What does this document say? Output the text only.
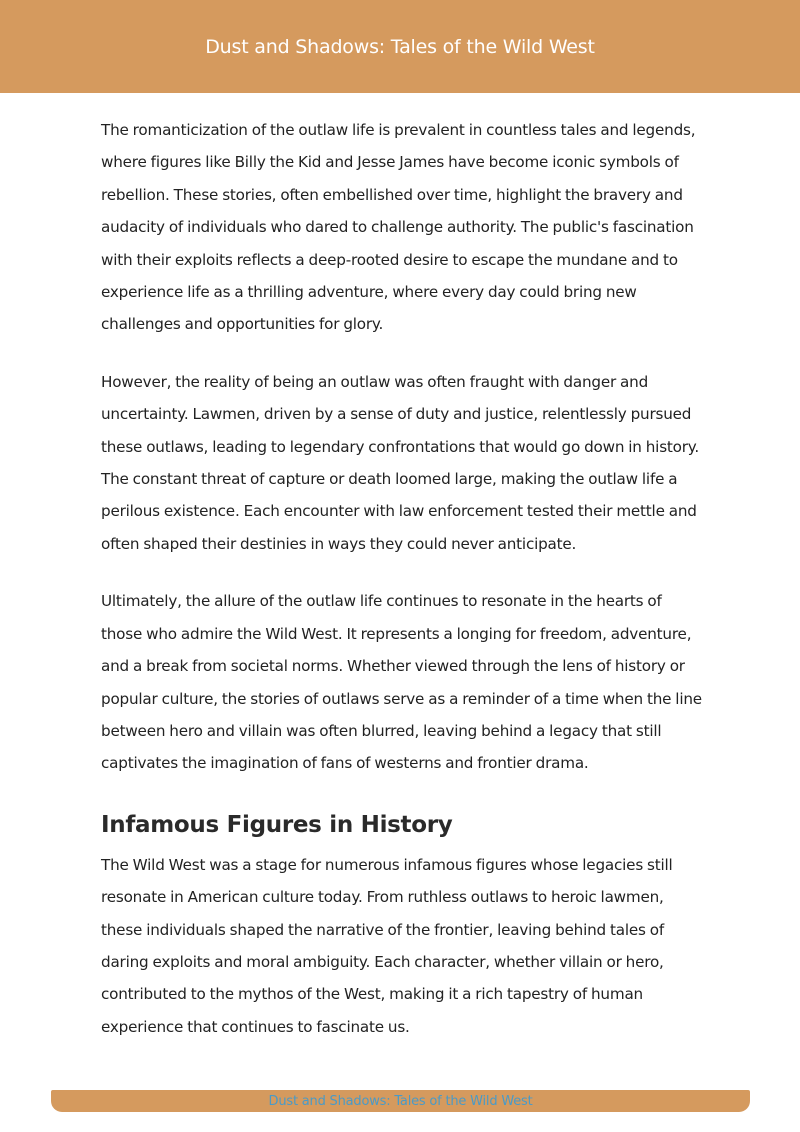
Dust and Shadows: Tales of the Wild West

The romanticization of the outlaw life is prevalent in countless tales and legends, where figures like Billy the Kid and Jesse James have become iconic symbols of rebellion. These stories, often embellished over time, highlight the bravery and audacity of individuals who dared to challenge authority. The public's fascination with their exploits reflects a deep-rooted desire to escape the mundane and to experience life as a thrilling adventure, where every day could bring new challenges and opportunities for glory.

However, the reality of being an outlaw was often fraught with danger and uncertainty. Lawmen, driven by a sense of duty and justice, relentlessly pursued these outlaws, leading to legendary confrontations that would go down in history. The constant threat of capture or death loomed large, making the outlaw life a perilous existence. Each encounter with law enforcement tested their mettle and often shaped their destinies in ways they could never anticipate.

Ultimately, the allure of the outlaw life continues to resonate in the hearts of those who admire the Wild West. It represents a longing for freedom, adventure, and a break from societal norms. Whether viewed through the lens of history or popular culture, the stories of outlaws serve as a reminder of a time when the line between hero and villain was often blurred, leaving behind a legacy that still captivates the imagination of fans of westerns and frontier drama.

Infamous Figures in History

The Wild West was a stage for numerous infamous figures whose legacies still resonate in American culture today. From ruthless outlaws to heroic lawmen, these individuals shaped the narrative of the frontier, leaving behind tales of daring exploits and moral ambiguity. Each character, whether villain or hero, contributed to the mythos of the West, making it a rich tapestry of human experience that continues to fascinate us.

Dust and Shadows: Tales of the Wild West
